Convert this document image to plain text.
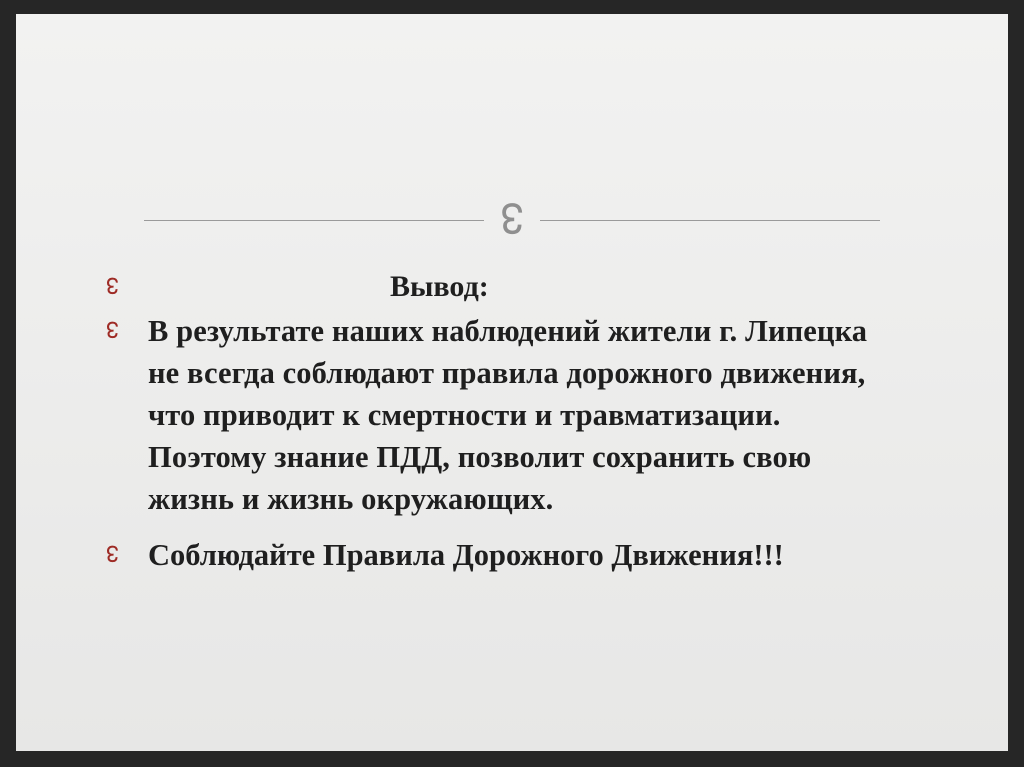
↋
↋	Вывод:
↋ В результате наших наблюдений жители г. Липецка
не всегда соблюдают правила дорожного движения,
что приводит к смертности и травматизации.
Поэтому знание ПДД, позволит сохранить свою
жизнь и жизнь окружающих.
↋ Соблюдайте Правила Дорожного Движения!!!
